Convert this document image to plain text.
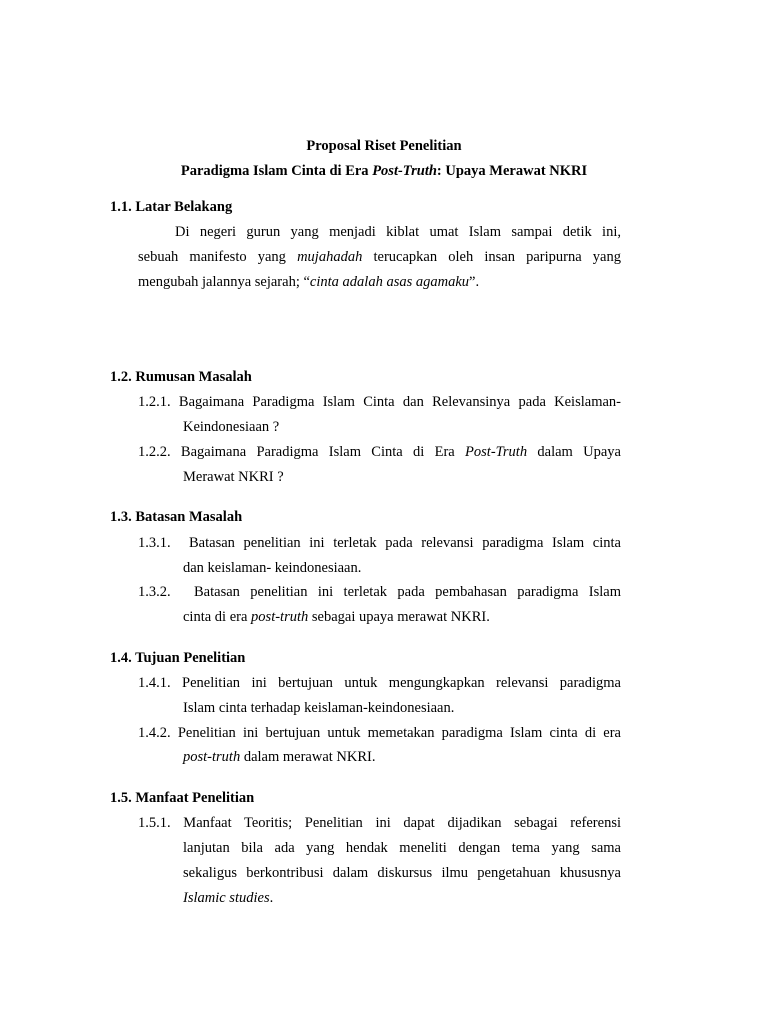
Proposal Riset Penelitian
Paradigma Islam Cinta di Era Post-Truth: Upaya Merawat NKRI
1.1. Latar Belakang
Di negeri gurun yang menjadi kiblat umat Islam sampai detik ini,
sebuah manifesto yang mujahadah terucapkan oleh insan paripurna yang
mengubah jalannya sejarah; “cinta adalah asas agamaku”.
1.2. Rumusan Masalah
1.2.1. Bagaimana Paradigma Islam Cinta dan Relevansinya pada Keislaman-
Keindonesiaan ?
1.2.2. Bagaimana Paradigma Islam Cinta di Era Post-Truth dalam Upaya
Merawat NKRI ?
1.3. Batasan Masalah
1.3.1. Batasan penelitian ini terletak pada relevansi paradigma Islam cinta
dan keislaman- keindonesiaan.
1.3.2. Batasan penelitian ini terletak pada pembahasan paradigma Islam
cinta di era post-truth sebagai upaya merawat NKRI.
1.4. Tujuan Penelitian
1.4.1. Penelitian ini bertujuan untuk mengungkapkan relevansi paradigma
Islam cinta terhadap keislaman-keindonesiaan.
1.4.2. Penelitian ini bertujuan untuk memetakan paradigma Islam cinta di era
post-truth dalam merawat NKRI.
1.5. Manfaat Penelitian
1.5.1. Manfaat Teoritis; Penelitian ini dapat dijadikan sebagai referensi
lanjutan bila ada yang hendak meneliti dengan tema yang sama
sekaligus berkontribusi dalam diskursus ilmu pengetahuan khususnya
Islamic studies.
